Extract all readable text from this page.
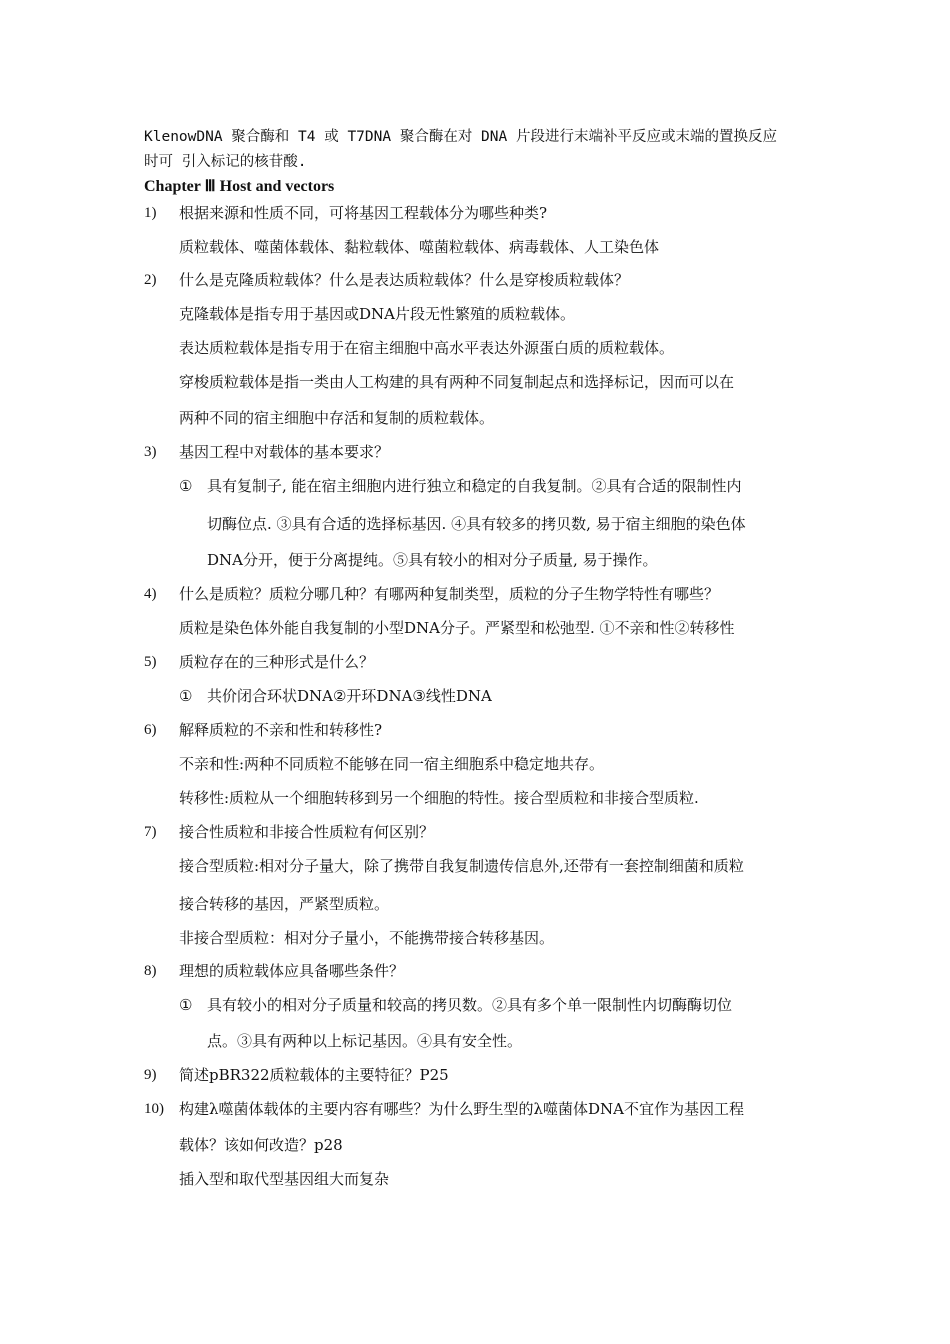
KlenowDNA 聚合酶和 T4 或 T7DNA 聚合酶在对 DNA 片段进行末端补平反应或末端的置换反应
时可 引入标记的核苷酸.
Chapter Ⅲ Host and vectors
1) 根据来源和性质不同，可将基因工程载体分为哪些种类?
质粒载体、噬菌体载体、黏粒载体、噬菌粒载体、病毒载体、人工染色体
2) 什么是克隆质粒载体？什么是表达质粒载体？什么是穿梭质粒载体？
克隆载体是指专用于基因或DNA片段无性繁殖的质粒载体。
表达质粒载体是指专用于在宿主细胞中高水平表达外源蛋白质的质粒载体。
穿梭质粒载体是指一类由人工构建的具有两种不同复制起点和选择标记，因而可以在
两种不同的宿主细胞中存活和复制的质粒载体。
3) 基因工程中对载体的基本要求？
① 具有复制子, 能在宿主细胞内进行独立和稳定的自我复制。②具有合适的限制性内
切酶位点. ③具有合适的选择标基因. ④具有较多的拷贝数, 易于宿主细胞的染色体
DNA分开，便于分离提纯。⑤具有较小的相对分子质量, 易于操作。
4) 什么是质粒？质粒分哪几种？有哪两种复制类型，质粒的分子生物学特性有哪些？
质粒是染色体外能自我复制的小型DNA分子。严紧型和松弛型. ①不亲和性②转移性
5) 质粒存在的三种形式是什么？
① 共价闭合环状DNA②开环DNA③线性DNA
6) 解释质粒的不亲和性和转移性?
不亲和性:两种不同质粒不能够在同一宿主细胞系中稳定地共存。
转移性:质粒从一个细胞转移到另一个细胞的特性。接合型质粒和非接合型质粒.
7) 接合性质粒和非接合性质粒有何区别？
接合型质粒:相对分子量大，除了携带自我复制遗传信息外,还带有一套控制细菌和质粒
接合转移的基因，严紧型质粒。
非接合型质粒：相对分子量小，不能携带接合转移基因。
8) 理想的质粒载体应具备哪些条件？
① 具有较小的相对分子质量和较高的拷贝数。②具有多个单一限制性内切酶酶切位
点。③具有两种以上标记基因。④具有安全性。
9) 简述pBR322质粒载体的主要特征？P25
10) 构建λ噬菌体载体的主要内容有哪些？为什么野生型的λ噬菌体DNA不宜作为基因工程
载体？该如何改造？p28
插入型和取代型基因组大而复杂
